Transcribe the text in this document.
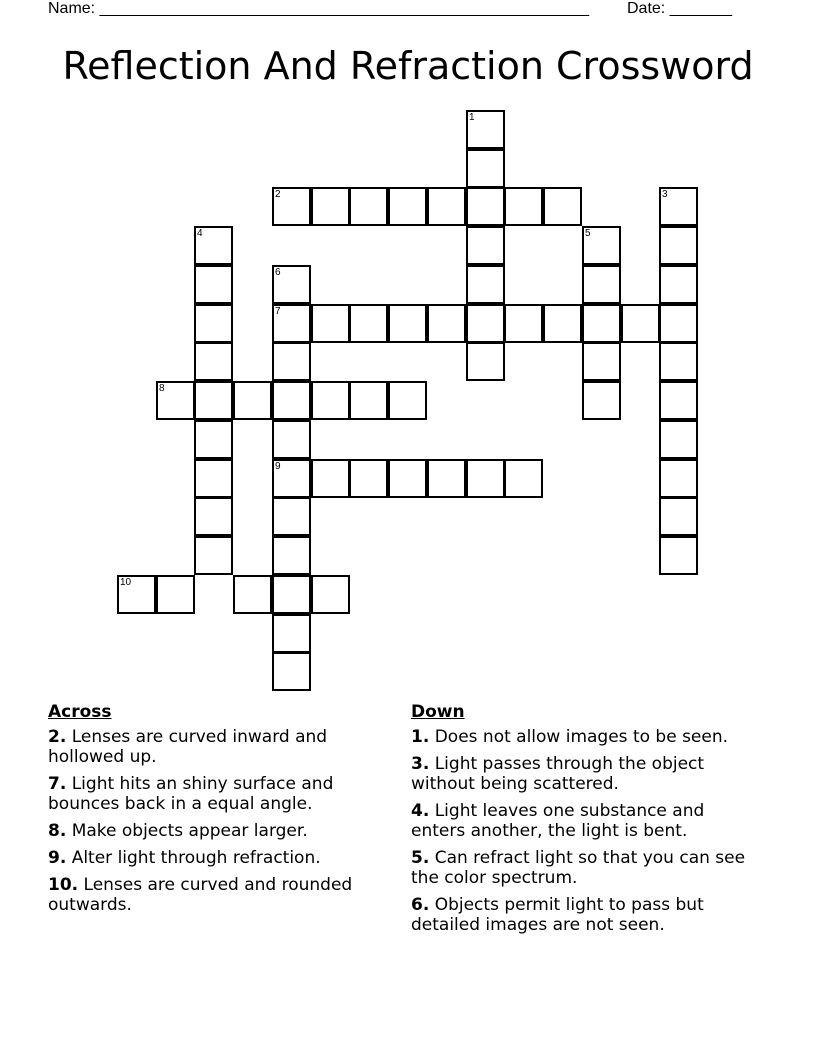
Name: _______________________________________________________ Date: _______
Reflection And Refraction Crossword
1
2	3
4	5
6
7
9
8
10
Across
2. Lenses are curved inward and hollowed up.
7. Light hits an shiny surface and bounces back in a equal angle.
8. Make objects appear larger.
9. Alter light through refraction.
10. Lenses are curved and rounded outwards.
Down
1. Does not allow images to be seen.
3. Light passes through the object without being scattered.
4. Light leaves one substance and enters another, the light is bent.
5. Can refract light so that you can see the color spectrum.
6. Objects permit light to pass but detailed images are not seen.
